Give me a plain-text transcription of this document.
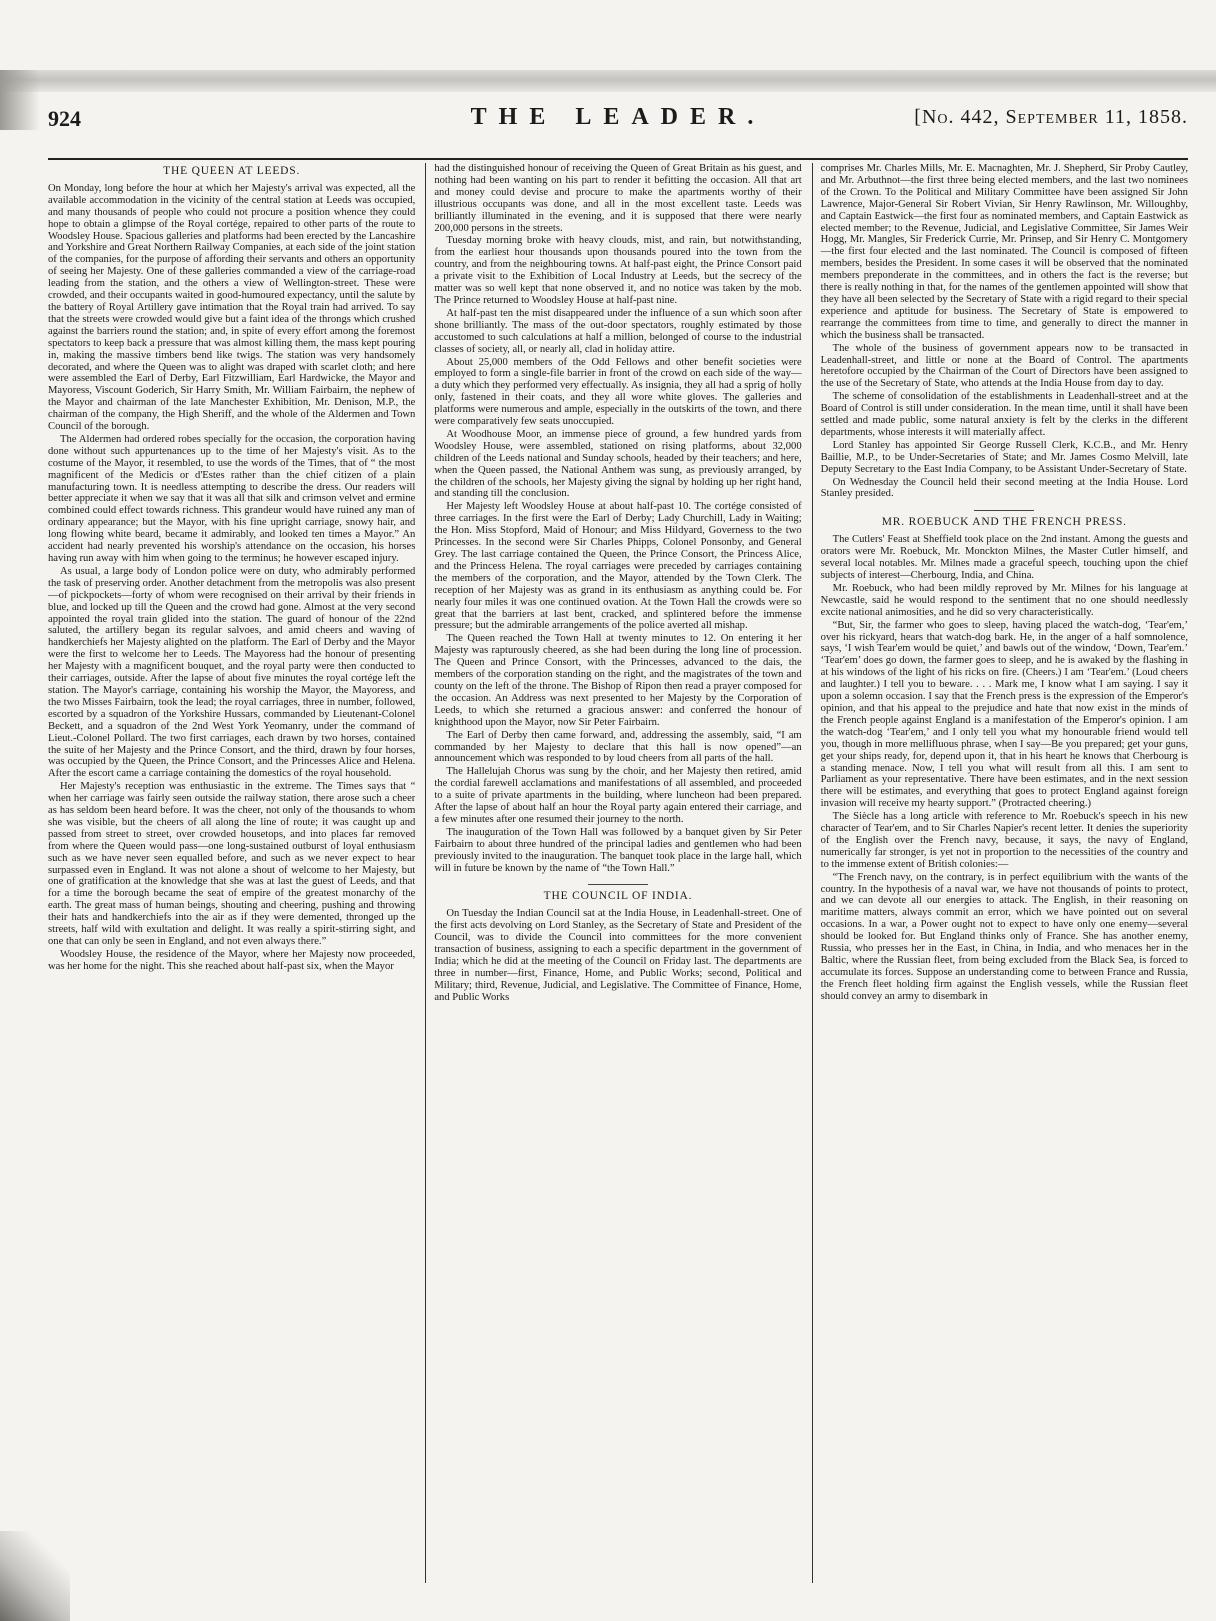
924	THE LEADER.	[No. 442, September 11, 1858.
THE QUEEN AT LEEDS.

On Monday, long before the hour at which her Majesty's arrival was expected, all the available accommodation in the vicinity of the central station at Leeds was occupied, and many thousands of people who could not procure a position whence they could hope to obtain a glimpse of the Royal cortége, repaired to other parts of the route to Woodsley House. Spacious galleries and platforms had been erected by the Lancashire and Yorkshire and Great Northern Railway Companies, at each side of the joint station of the companies, for the purpose of affording their servants and others an opportunity of seeing her Majesty. One of these galleries commanded a view of the carriage-road leading from the station, and the others a view of Wellington-street. These were crowded, and their occupants waited in good-humoured expectancy, until the salute by the battery of Royal Artillery gave intimation that the Royal train had arrived. To say that the streets were crowded would give but a faint idea of the throngs which crushed against the barriers round the station; and, in spite of every effort among the foremost spectators to keep back a pressure that was almost killing them, the mass kept pouring in, making the massive timbers bend like twigs. The station was very handsomely decorated, and where the Queen was to alight was draped with scarlet cloth; and here were assembled the Earl of Derby, Earl Fitzwilliam, Earl Hardwicke, the Mayor and Mayoress, Viscount Goderich, Sir Harry Smith, Mr. William Fairbairn, the nephew of the Mayor and chairman of the late Manchester Exhibition, Mr. Denison, M.P., the chairman of the company, the High Sheriff, and the whole of the Aldermen and Town Council of the borough.

The Aldermen had ordered robes specially for the occasion, the corporation having done without such appurtenances up to the time of her Majesty's visit. As to the costume of the Mayor, it resembled, to use the words of the Times, that of “ the most magnificent of the Medicis or d'Estes rather than the chief citizen of a plain manufacturing town. It is needless attempting to describe the dress. Our readers will better appreciate it when we say that it was all that silk and crimson velvet and ermine combined could effect towards richness. This grandeur would have ruined any man of ordinary appearance; but the Mayor, with his fine upright carriage, snowy hair, and long flowing white beard, became it admirably, and looked ten times a Mayor.” An accident had nearly prevented his worship's attendance on the occasion, his horses having run away with him when going to the terminus; he however escaped injury.

As usual, a large body of London police were on duty, who admirably performed the task of preserving order. Another detachment from the metropolis was also present—of pickpockets—forty of whom were recognised on their arrival by their friends in blue, and locked up till the Queen and the crowd had gone. Almost at the very second appointed the royal train glided into the station. The guard of honour of the 22nd saluted, the artillery began its regular salvoes, and amid cheers and waving of handkerchiefs her Majesty alighted on the platform. The Earl of Derby and the Mayor were the first to welcome her to Leeds. The Mayoress had the honour of presenting her Majesty with a magnificent bouquet, and the royal party were then conducted to their carriages, outside. After the lapse of about five minutes the royal cortége left the station. The Mayor's carriage, containing his worship the Mayor, the Mayoress, and the two Misses Fairbairn, took the lead; the royal carriages, three in number, followed, escorted by a squadron of the Yorkshire Hussars, commanded by Lieutenant-Colonel Beckett, and a squadron of the 2nd West York Yeomanry, under the command of Lieut.-Colonel Pollard. The two first carriages, each drawn by two horses, contained the suite of her Majesty and the Prince Consort, and the third, drawn by four horses, was occupied by the Queen, the Prince Consort, and the Princesses Alice and Helena. After the escort came a carriage containing the domestics of the royal household.

Her Majesty's reception was enthusiastic in the extreme. The Times says that “ when her carriage was fairly seen outside the railway station, there arose such a cheer as has seldom been heard before. It was the cheer, not only of the thousands to whom she was visible, but the cheers of all along the line of route; it was caught up and passed from street to street, over crowded housetops, and into places far removed from where the Queen would pass—one long-sustained outburst of loyal enthusiasm such as we have never seen equalled before, and such as we never expect to hear surpassed even in England. It was not alone a shout of welcome to her Majesty, but one of gratification at the knowledge that she was at last the guest of Leeds, and that for a time the borough became the seat of empire of the greatest monarchy of the earth. The great mass of human beings, shouting and cheering, pushing and throwing their hats and handkerchiefs into the air as if they were demented, thronged up the streets, half wild with exultation and delight. It was really a spirit-stirring sight, and one that can only be seen in England, and not even always there.”

Woodsley House, the residence of the Mayor, where her Majesty now proceeded, was her home for the night. This she reached about half-past six, when the Mayor

had the distinguished honour of receiving the Queen of Great Britain as his guest, and nothing had been wanting on his part to render it befitting the occasion. All that art and money could devise and procure to make the apartments worthy of their illustrious occupants was done, and all in the most excellent taste. Leeds was brilliantly illuminated in the evening, and it is supposed that there were nearly 200,000 persons in the streets.

Tuesday morning broke with heavy clouds, mist, and rain, but notwithstanding, from the earliest hour thousands upon thousands poured into the town from the country, and from the neighbouring towns. At half-past eight, the Prince Consort paid a private visit to the Exhibition of Local Industry at Leeds, but the secrecy of the matter was so well kept that none observed it, and no notice was taken by the mob. The Prince returned to Woodsley House at half-past nine.

At half-past ten the mist disappeared under the influence of a sun which soon after shone brilliantly. The mass of the out-door spectators, roughly estimated by those accustomed to such calculations at half a million, belonged of course to the industrial classes of society, all, or nearly all, clad in holiday attire.

About 25,000 members of the Odd Fellows and other benefit societies were employed to form a single-file barrier in front of the crowd on each side of the way—a duty which they performed very effectually. As insignia, they all had a sprig of holly only, fastened in their coats, and they all wore white gloves. The galleries and platforms were numerous and ample, especially in the outskirts of the town, and there were comparatively few seats unoccupied.

At Woodhouse Moor, an immense piece of ground, a few hundred yards from Woodsley House, were assembled, stationed on rising platforms, about 32,000 children of the Leeds national and Sunday schools, headed by their teachers; and here, when the Queen passed, the National Anthem was sung, as previously arranged, by the children of the schools, her Majesty giving the signal by holding up her right hand, and standing till the conclusion.

Her Majesty left Woodsley House at about half-past 10. The cortége consisted of three carriages. In the first were the Earl of Derby; Lady Churchill, Lady in Waiting; the Hon. Miss Stopford, Maid of Honour; and Miss Hildyard, Governess to the two Princesses. In the second were Sir Charles Phipps, Colonel Ponsonby, and General Grey. The last carriage contained the Queen, the Prince Consort, the Princess Alice, and the Princess Helena. The royal carriages were preceded by carriages containing the members of the corporation, and the Mayor, attended by the Town Clerk. The reception of her Majesty was as grand in its enthusiasm as anything could be. For nearly four miles it was one continued ovation. At the Town Hall the crowds were so great that the barriers at last bent, cracked, and splintered before the immense pressure; but the admirable arrangements of the police averted all mishap.

The Queen reached the Town Hall at twenty minutes to 12. On entering it her Majesty was rapturously cheered, as she had been during the long line of procession. The Queen and Prince Consort, with the Princesses, advanced to the dais, the members of the corporation standing on the right, and the magistrates of the town and county on the left of the throne. The Bishop of Ripon then read a prayer composed for the occasion. An Address was next presented to her Majesty by the Corporation of Leeds, to which she returned a gracious answer: and conferred the honour of knighthood upon the Mayor, now Sir Peter Fairbairn.

The Earl of Derby then came forward, and, addressing the assembly, said, “I am commanded by her Majesty to declare that this hall is now opened”—an announcement which was responded to by loud cheers from all parts of the hall.

The Hallelujah Chorus was sung by the choir, and her Majesty then retired, amid the cordial farewell acclamations and manifestations of all assembled, and proceeded to a suite of private apartments in the building, where luncheon had been prepared. After the lapse of about half an hour the Royal party again entered their carriage, and a few minutes after one resumed their journey to the north.

The inauguration of the Town Hall was followed by a banquet given by Sir Peter Fairbairn to about three hundred of the principal ladies and gentlemen who had been previously invited to the inauguration. The banquet took place in the large hall, which will in future be known by the name of “the Town Hall.”

THE COUNCIL OF INDIA.

On Tuesday the Indian Council sat at the India House, in Leadenhall-street. One of the first acts devolving on Lord Stanley, as the Secretary of State and President of the Council, was to divide the Council into committees for the more convenient transaction of business, assigning to each a specific department in the government of India; which he did at the meeting of the Council on Friday last. The departments are three in number—first, Finance, Home, and Public Works; second, Political and Military; third, Revenue, Judicial, and Legislative. The Committee of Finance, Home, and Public Works

comprises Mr. Charles Mills, Mr. E. Macnaghten, Mr. J. Shepherd, Sir Proby Cautley, and Mr. Arbuthnot—the first three being elected members, and the last two nominees of the Crown. To the Political and Military Committee have been assigned Sir John Lawrence, Major-General Sir Robert Vivian, Sir Henry Rawlinson, Mr. Willoughby, and Captain Eastwick—the first four as nominated members, and Captain Eastwick as elected member; to the Revenue, Judicial, and Legislative Committee, Sir James Weir Hogg, Mr. Mangles, Sir Frederick Currie, Mr. Prinsep, and Sir Henry C. Montgomery—the first four elected and the last nominated. The Council is composed of fifteen members, besides the President. In some cases it will be observed that the nominated members preponderate in the committees, and in others the fact is the reverse; but there is really nothing in that, for the names of the gentlemen appointed will show that they have all been selected by the Secretary of State with a rigid regard to their special experience and aptitude for business. The Secretary of State is empowered to rearrange the committees from time to time, and generally to direct the manner in which the business shall be transacted.

The whole of the business of government appears now to be transacted in Leadenhall-street, and little or none at the Board of Control. The apartments heretofore occupied by the Chairman of the Court of Directors have been assigned to the use of the Secretary of State, who attends at the India House from day to day.

The scheme of consolidation of the establishments in Leadenhall-street and at the Board of Control is still under consideration. In the mean time, until it shall have been settled and made public, some natural anxiety is felt by the clerks in the different departments, whose interests it will materially affect.

Lord Stanley has appointed Sir George Russell Clerk, K.C.B., and Mr. Henry Baillie, M.P., to be Under-Secretaries of State; and Mr. James Cosmo Melvill, late Deputy Secretary to the East India Company, to be Assistant Under-Secretary of State.

On Wednesday the Council held their second meeting at the India House. Lord Stanley presided.

MR. ROEBUCK AND THE FRENCH PRESS.

The Cutlers' Feast at Sheffield took place on the 2nd instant. Among the guests and orators were Mr. Roebuck, Mr. Monckton Milnes, the Master Cutler himself, and several local notables. Mr. Milnes made a graceful speech, touching upon the chief subjects of interest—Cherbourg, India, and China.

Mr. Roebuck, who had been mildly reproved by Mr. Milnes for his language at Newcastle, said he would respond to the sentiment that no one should needlessly excite national animosities, and he did so very characteristically.

“But, Sir, the farmer who goes to sleep, having placed the watch-dog, ‘Tear'em,’ over his rickyard, hears that watch-dog bark. He, in the anger of a half somnolence, says, ‘I wish Tear'em would be quiet,’ and bawls out of the window, ‘Down, Tear'em.’ ‘Tear'em’ does go down, the farmer goes to sleep, and he is awaked by the flashing in at his windows of the light of his ricks on fire. (Cheers.) I am ‘Tear'em.’ (Loud cheers and laughter.) I tell you to beware. . . . Mark me, I know what I am saying. I say it upon a solemn occasion. I say that the French press is the expression of the Emperor's opinion, and that his appeal to the prejudice and hate that now exist in the minds of the French people against England is a manifestation of the Emperor's opinion. I am the watch-dog ‘Tear'em,’ and I only tell you what my honourable friend would tell you, though in more mellifluous phrase, when I say—Be you prepared; get your guns, get your ships ready, for, depend upon it, that in his heart he knows that Cherbourg is a standing menace. Now, I tell you what will result from all this. I am sent to Parliament as your representative. There have been estimates, and in the next session there will be estimates, and everything that goes to protect England against foreign invasion will receive my hearty support.” (Protracted cheering.)

The Siècle has a long article with reference to Mr. Roebuck's speech in his new character of Tear'em, and to Sir Charles Napier's recent letter. It denies the superiority of the English over the French navy, because, it says, the navy of England, numerically far stronger, is yet not in proportion to the necessities of the country and to the immense extent of British colonies:—

“The French navy, on the contrary, is in perfect equilibrium with the wants of the country. In the hypothesis of a naval war, we have not thousands of points to protect, and we can devote all our energies to attack. The English, in their reasoning on maritime matters, always commit an error, which we have pointed out on several occasions. In a war, a Power ought not to expect to have only one enemy—several should be looked for. But England thinks only of France. She has another enemy, Russia, who presses her in the East, in China, in India, and who menaces her in the Baltic, where the Russian fleet, from being excluded from the Black Sea, is forced to accumulate its forces. Suppose an understanding come to between France and Russia, the French fleet holding firm against the English vessels, while the Russian fleet should convey an army to disembark in
